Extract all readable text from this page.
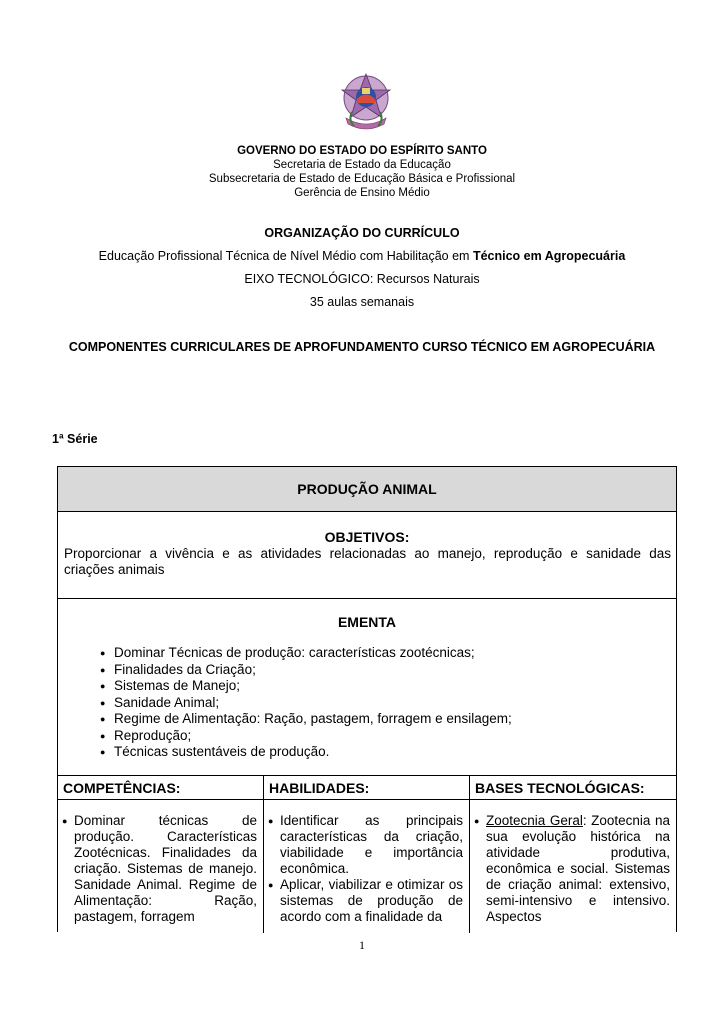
GOVERNO DO ESTADO DO ESPÍRITO SANTO
Secretaria de Estado da Educação
Subsecretaria de Estado de Educação Básica e Profissional
Gerência de Ensino Médio
ORGANIZAÇÃO DO CURRÍCULO
Educação Profissional Técnica de Nível Médio com Habilitação em Técnico em Agropecuária
EIXO TECNOLÓGICO: Recursos Naturais
35 aulas semanais
COMPONENTES CURRICULARES DE APROFUNDAMENTO CURSO TÉCNICO EM AGROPECUÁRIA
1ª Série
PRODUÇÃO ANIMAL
OBJETIVOS:
Proporcionar a vivência e as atividades relacionadas ao manejo, reprodução e sanidade das criações animais
EMENTA
● Dominar Técnicas de produção: características zootécnicas;
● Finalidades da Criação;
● Sistemas de Manejo;
● Sanidade Animal;
● Regime de Alimentação: Ração, pastagem, forragem e ensilagem;
● Reprodução;
● Técnicas sustentáveis de produção.
COMPETÊNCIAS:
● Dominar técnicas de produção. Características Zootécnicas. Finalidades da criação. Sistemas de manejo. Sanidade Animal. Regime de Alimentação: Ração, pastagem, forragem
HABILIDADES:
● Identificar as principais características da criação, viabilidade e importância econômica.
● Aplicar, viabilizar e otimizar os sistemas de produção de acordo com a finalidade da
BASES TECNOLÓGICAS:
● Zootecnia Geral: Zootecnia na sua evolução histórica na atividade produtiva, econômica e social. Sistemas de criação animal: extensivo, semi-intensivo e intensivo. Aspectos
1
